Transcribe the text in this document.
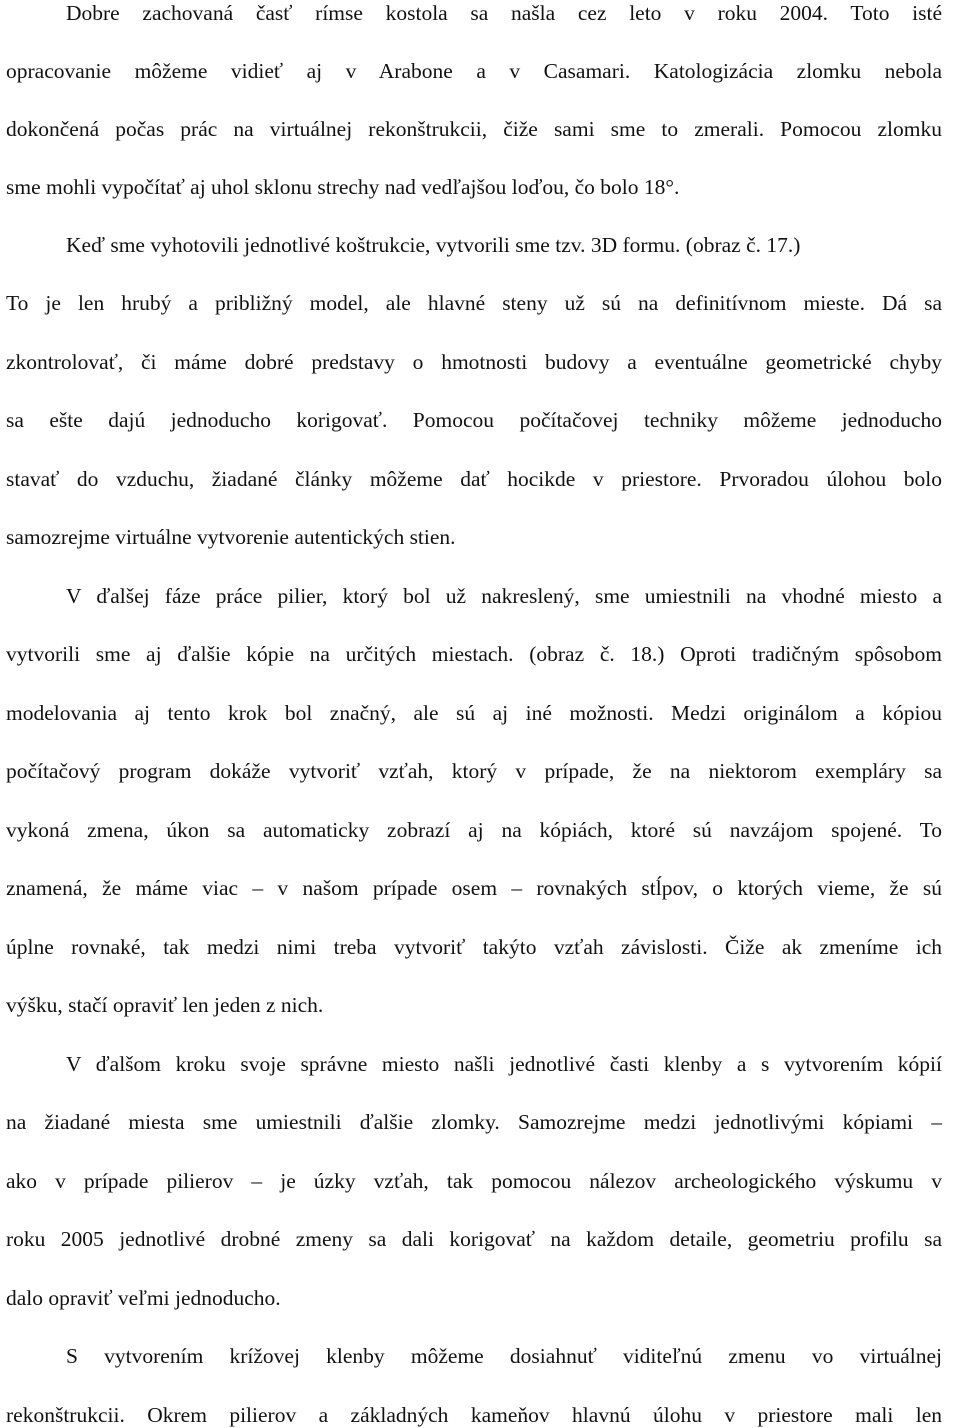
Dobre zachovaná časť rímse kostola sa našla cez leto v roku 2004. Toto isté
opracovanie môžeme vidieť aj v Arabone a v Casamari. Katologizácia zlomku nebola
dokončená počas prác na virtuálnej rekonštrukcii, čiže sami sme to zmerali. Pomocou zlomku
sme mohli vypočítať aj uhol sklonu strechy nad vedľajšou loďou, čo bolo 18°.
Keď sme vyhotovili jednotlivé koštrukcie, vytvorili sme tzv. 3D formu. (obraz č. 17.)
To je len hrubý a približný model, ale hlavné steny už sú na definitívnom mieste. Dá sa
zkontrolovať, či máme dobré predstavy o hmotnosti budovy a eventuálne geometrické chyby
sa ešte dajú jednoducho korigovať. Pomocou počítačovej techniky môžeme jednoducho
stavať do vzduchu, žiadané články môžeme dať hocikde v priestore. Prvoradou úlohou bolo
samozrejme virtuálne vytvorenie autentických stien.
V ďalšej fáze práce pilier, ktorý bol už nakreslený, sme umiestnili na vhodné miesto a
vytvorili sme aj ďalšie kópie na určitých miestach. (obraz č. 18.) Oproti tradičným spôsobom
modelovania aj tento krok bol značný, ale sú aj iné možnosti. Medzi originálom a kópiou
počítačový program dokáže vytvoriť vzťah, ktorý v prípade, že na niektorom exempláry sa
vykoná zmena, úkon sa automaticky zobrazí aj na kópiách, ktoré sú navzájom spojené. To
znamená, že máme viac – v našom prípade osem – rovnakých stĺpov, o ktorých vieme, že sú
úplne rovnaké, tak medzi nimi treba vytvoriť takýto vzťah závislosti. Čiže ak zmeníme ich
výšku, stačí opraviť len jeden z nich.
V ďalšom kroku svoje správne miesto našli jednotlivé časti klenby a s vytvorením kópií
na žiadané miesta sme umiestnili ďalšie zlomky. Samozrejme medzi jednotlivými kópiami –
ako v prípade pilierov – je úzky vzťah, tak pomocou nálezov archeologického výskumu v
roku 2005 jednotlivé drobné zmeny sa dali korigovať na každom detaile, geometriu profilu sa
dalo opraviť veľmi jednoducho.
S vytvorením krížovej klenby môžeme dosiahnuť viditeľnú zmenu vo virtuálnej
rekonštrukcii. Okrem pilierov a základných kameňov hlavnú úlohu v priestore mali len
